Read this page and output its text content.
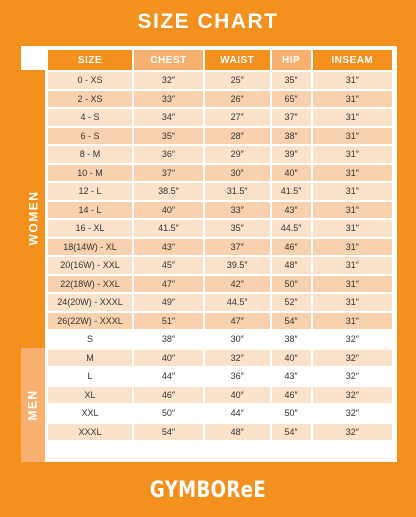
SIZE CHART
WOMEN
MEN
SIZE	CHEST	WAIST	HIP	INSEAM
0 - XS	32″	25″	35″	31″
2 - XS	33″	26″	65″	31″
4 - S	34″	27″	37″	31″
6 - S	35″	28″	38″	31″
8 - M	36″	29″	39″	31″
10 - M	37″	30″	40″	31″
12 - L	38.5″	31.5″	41.5″	31″
14 - L	40″	33″	43″	31″
16 - XL	41.5″	35″	44.5″	31″
18(14W) - XL	43″	37″	46″	31″
20(16W) - XXL	45″	39.5″	48″	31″
22(18W) - XXL	47″	42″	50″	31″
24(20W) - XXXL	49″	44.5″	52″	31″
26(22W) - XXXL	51″	47″	54″	31″
S	38″	30″	38″	32″
M	40″	32″	40″	32″
L	44″	36″	43″	32″
XL	46″	40″	46″	32″
XXL	50″	44″	50″	32″
XXXL	54″	48″	54″	32″
GYMBOReE
